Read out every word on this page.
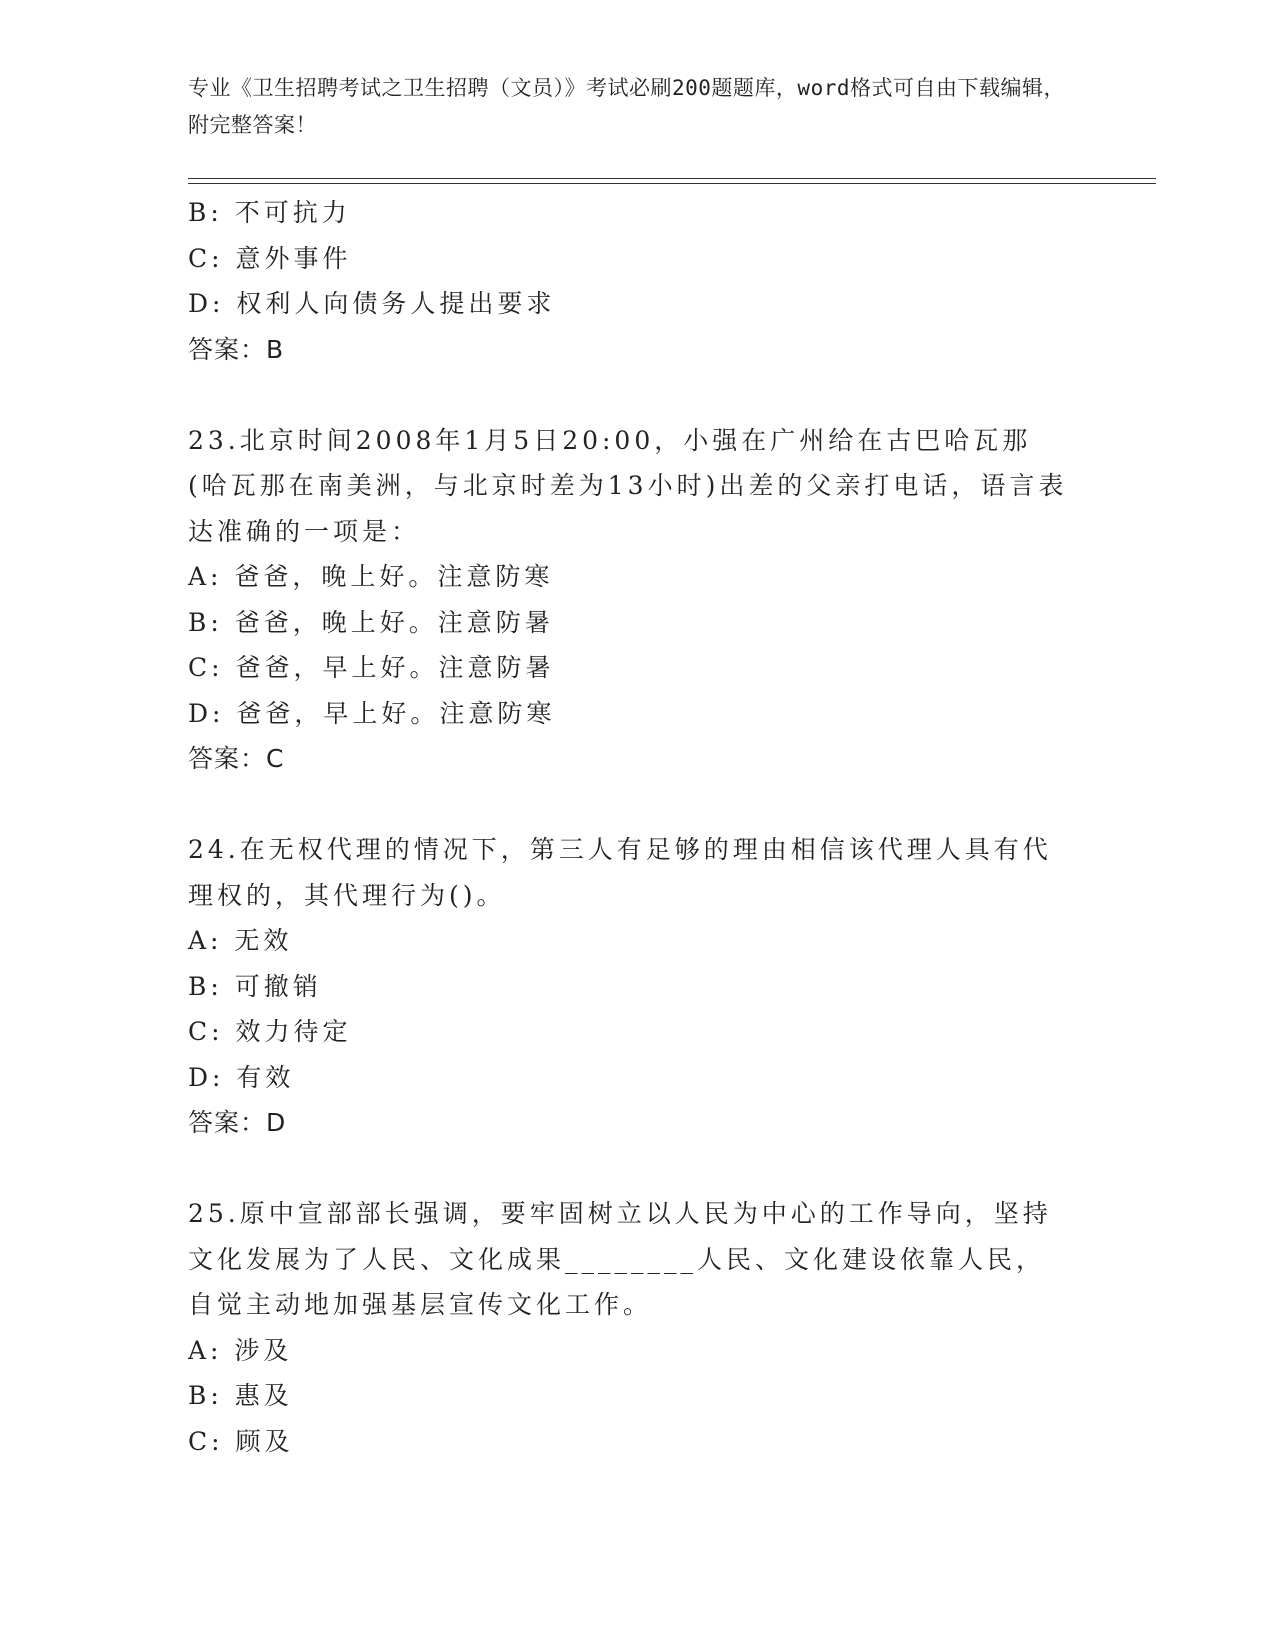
专业《卫生招聘考试之卫生招聘（文员）》考试必刷200题题库，word格式可自由下载编辑，附完整答案！
B: 不可抗力
C: 意外事件
D: 权利人向债务人提出要求
答案：B
23.北京时间2008年1月5日20:00，小强在广州给在古巴哈瓦那(哈瓦那在南美洲，与北京时差为13小时)出差的父亲打电话，语言表达准确的一项是：
A: 爸爸，晚上好。注意防寒
B: 爸爸，晚上好。注意防暑
C: 爸爸，早上好。注意防暑
D: 爸爸，早上好。注意防寒
答案：C
24.在无权代理的情况下，第三人有足够的理由相信该代理人具有代理权的，其代理行为()。
A: 无效
B: 可撤销
C: 效力待定
D: 有效
答案：D
25.原中宣部部长强调，要牢固树立以人民为中心的工作导向，坚持文化发展为了人民、文化成果________人民、文化建设依靠人民，自觉主动地加强基层宣传文化工作。
A: 涉及
B: 惠及
C: 顾及
